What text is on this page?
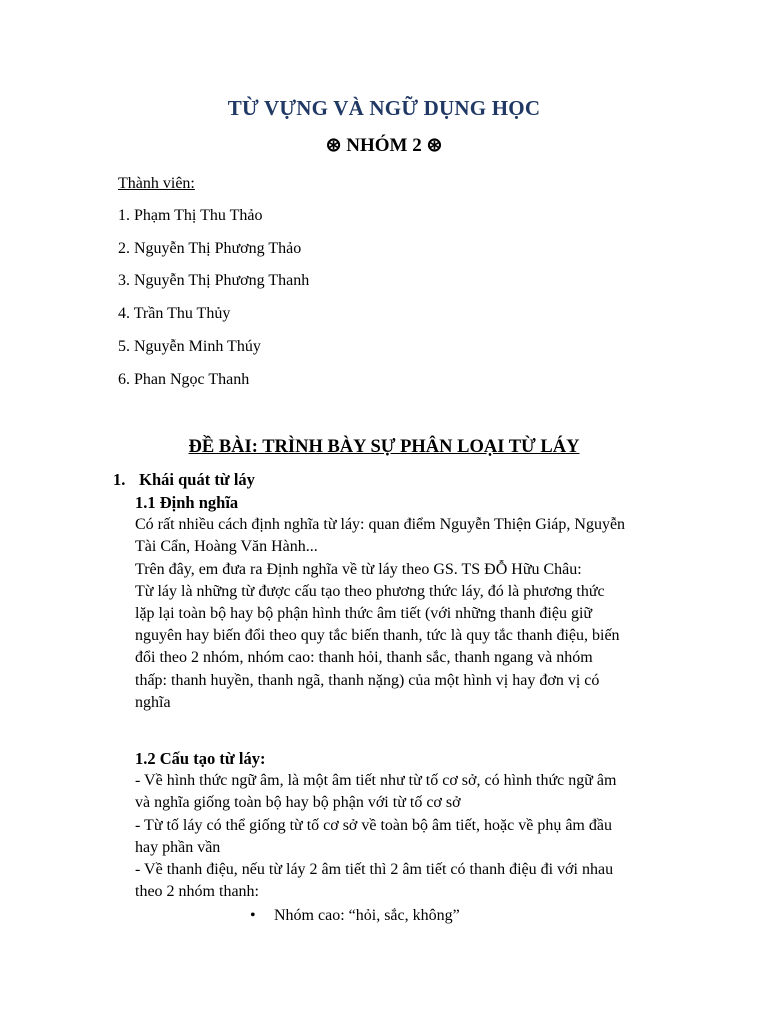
TỪ VỰNG VÀ NGỮ DỤNG HỌC
⊛ NHÓM 2 ⊛
Thành viên:
1. Phạm Thị Thu Thảo
2. Nguyễn Thị Phương Thảo
3. Nguyễn Thị Phương Thanh
4. Trần Thu Thủy
5. Nguyễn Minh Thúy
6. Phan Ngọc Thanh
ĐỀ BÀI: TRÌNH BÀY SỰ PHÂN LOẠI TỪ LÁY
1. Khái quát từ láy
1.1 Định nghĩa
Có rất nhiều cách định nghĩa từ láy: quan điểm Nguyễn Thiện Giáp, Nguyễn
Tài Cẩn, Hoàng Văn Hành...
Trên đây, em đưa ra Định nghĩa về từ láy theo GS. TS ĐỖ Hữu Châu:
Từ láy là những từ được cấu tạo theo phương thức láy, đó là phương thức
lặp lại toàn bộ hay bộ phận hình thức âm tiết (với những thanh điệu giữ
nguyên hay biến đổi theo quy tắc biến thanh, tức là quy tắc thanh điệu, biến
đổi theo 2 nhóm, nhóm cao: thanh hỏi, thanh sắc, thanh ngang và nhóm
thấp: thanh huyền, thanh ngã, thanh nặng) của một hình vị hay đơn vị có
nghĩa
1.2 Cấu tạo từ láy:
- Về hình thức ngữ âm, là một âm tiết như từ tố cơ sở, có hình thức ngữ âm
và nghĩa giống toàn bộ hay bộ phận với từ tố cơ sở
- Từ tố láy có thể giống từ tố cơ sở về toàn bộ âm tiết, hoặc về phụ âm đầu
hay phần vần
- Về thanh điệu, nếu từ láy 2 âm tiết thì 2 âm tiết có thanh điệu đi với nhau
theo 2 nhóm thanh:
• Nhóm cao: “hỏi, sắc, không”
